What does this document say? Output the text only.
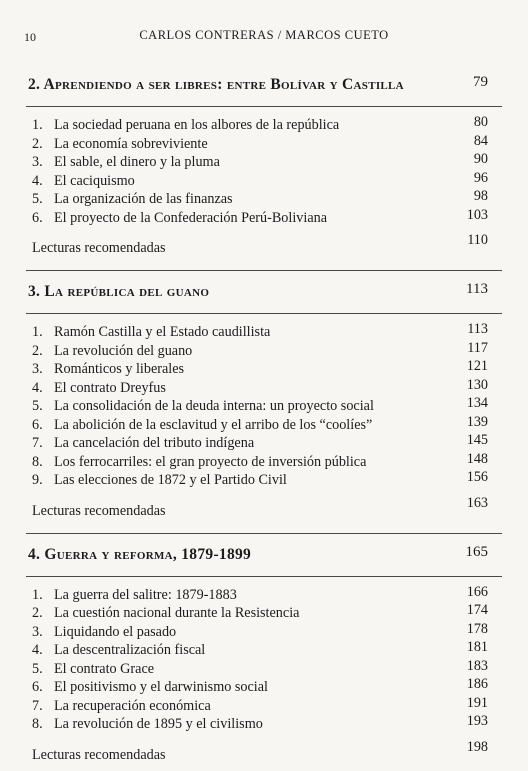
10	CARLOS CONTRERAS / MARCOS CUETO
2. Aprendiendo a ser libres: entre Bolívar y Castilla	79
1. La sociedad peruana en los albores de la república	80
2. La economía sobreviviente	84
3. El sable, el dinero y la pluma	90
4. El caciquismo	96
5. La organización de las finanzas	98
6. El proyecto de la Confederación Perú-Boliviana	103
Lecturas recomendadas	110
3. La república del guano	113
1. Ramón Castilla y el Estado caudillista	113
2. La revolución del guano	117
3. Románticos y liberales	121
4. El contrato Dreyfus	130
5. La consolidación de la deuda interna: un proyecto social	134
6. La abolición de la esclavitud y el arribo de los “coolíes”	139
7. La cancelación del tributo indígena	145
8. Los ferrocarriles: el gran proyecto de inversión pública	148
9. Las elecciones de 1872 y el Partido Civil	156
Lecturas recomendadas	163
4. Guerra y reforma, 1879-1899	165
1. La guerra del salitre: 1879-1883	166
2. La cuestión nacional durante la Resistencia	174
3. Liquidando el pasado	178
4. La descentralización fiscal	181
5. El contrato Grace	183
6. El positivismo y el darwinismo social	186
7. La recuperación económica	191
8. La revolución de 1895 y el civilismo	193
Lecturas recomendadas	198
